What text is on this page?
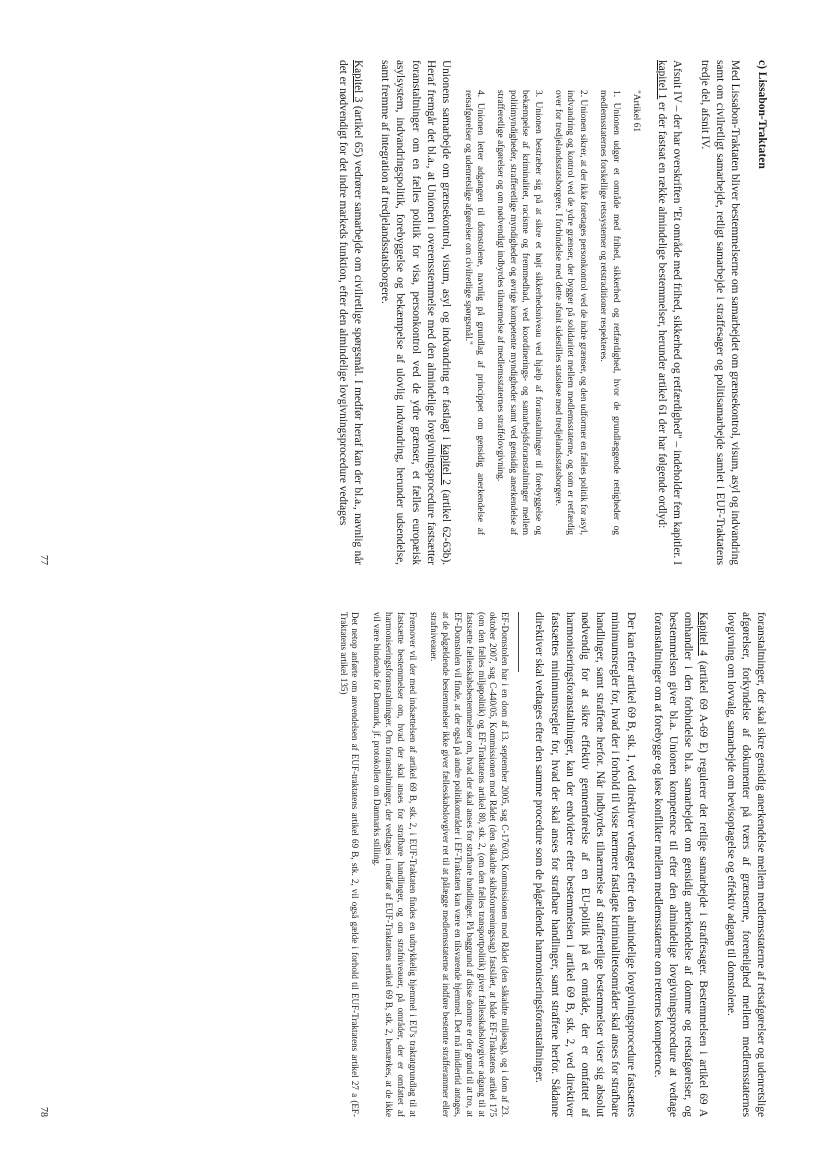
c) Lissabon-Traktaten

Med Lissabon-Traktaten bliver bestemmelserne om samarbejdet om grænsekontrol, visum, asyl og indvandring samt om civilretligt samarbejde, retligt samarbejde i straffesager og politisamarbejde samlet i EUF-Traktatens tredje del, afsnit IV.

Afsnit IV – der har overskriften "Et område med frihed, sikkerhed og retfærdighed" – indeholder fem kapitler. I kapitel 1 er der fastsat en række almindelige bestemmelser, herunder artikel 61 der har følgende ordlyd:

"Artikel 61

1. Unionen udgør et område med frihed, sikkerhed og retfærdighed, hvor de grundlæggende rettigheder og medlemsstaternes forskellige retssystemer og retstraditioner respekteres.

2. Unionen sikrer, at der ikke foretages personkontrol ved de indre grænser, og den udformer en fælles politik for asyl, indvandring og kontrol ved de ydre grænser, der bygger på solidaritet mellem medlemsstaterne, og som er retfærdig over for tredjelandsstatsborgere. I forbindelse med dette afsnit sidestilles statsløse med tredjelandsstatsborgere.

3. Unionen bestræber sig på at sikre et højt sikkerhedsniveau ved hjælp af foranstaltninger til forebyggelse og bekæmpelse af kriminalitet, racisme og fremmedhad, ved koordinerings- og samarbejdsforanstaltninger mellem politimyndigheder, strafferetlige myndigheder og øvrige kompetente myndigheder samt ved gensidig anerkendelse af strafferetlige afgørelser og om nødvendigt indbyrdes tilnærmelse af medlemsstaternes straffelovgivning.

4. Unionen letter adgangen til domstolene, navnlig på grundlag af princippet om gensidig anerkendelse af retsafgørelser og udenretslige afgørelser om civilretlige spørgsmål."

Unionens samarbejde om grænsekontrol, visum, asyl og indvandring er fastlagt i kapitel 2 (artikel 62-63b). Heraf fremgår det bl.a., at Unionen i overensstemmelse med den almindelige lovgivningsprocedure fastsætter foranstaltninger om en fælles politik for visa, personkontrol ved de ydre grænser, et fælles europæisk asylsystem, indvandringspolitik, forebyggelse og bekæmpelse af ulovlig indvandring, herunder udsendelse, samt fremme af integration af tredjelandsstatsborgere.

Kapitel 3 (artikel 65) vedrører samarbejde om civilretlige spørgsmål. I medfør heraf kan der bl.a., navnlig når det er nødvendigt for det indre markeds funktion, efter den almindelige lovgivningsprocedure vedtages

77

foranstaltninger, der skal sikre gensidig anerkendelse mellem medlemsstaterne af retsafgørelser og udenretslige afgørelser, forkyndelse af dokumenter på tværs af grænserne, forenelighed mellem medlemsstaternes lovgivning om lovvalg, samarbejde om bevisoptagelse og effektiv adgang til domstolene.

Kapitel 4 (artikel 69 A-69 E) regulerer det retlige samarbejde i straffesager. Bestemmelsen i artikel 69 A omhandler i den forbindelse bl.a. samarbejdet om gensidig anerkendelse af domme og retsafgørelser, og bestemmelsen giver bl.a. Unionen kompetence til efter den almindelige lovgivningsprocedure at vedtage foranstaltninger om at forebygge og løse konflikter mellem medlemsstaterne om retternes kompetence.

Der kan efter artikel 69 B, stk. 1, ved direktiver vedtaget efter den almindelige lovgivningsprocedure fastsættes minimumsregler for, hvad der i forhold til visse nærmere fastlagte kriminalitetsområder skal anses for strafbare handlinger, samt straffene herfor. Når indbyrdes tilnærmelse af strafferetlige bestemmelser viser sig absolut nødvendig for at sikre effektiv gennemførelse af en EU-politik på et område, der er omfattet af harmoniseringsforanstaltninger, kan der endvidere efter bestemmelsen i artikel 69 B, stk. 2, ved direktiver fastsættes minimumsregler for, hvad der skal anses for strafbare handlinger, samt straffene herfor. Sådanne direktiver skal vedtages efter den samme procedure som de pågældende harmoniseringsforanstaltninger.

EF-Domstolen har i en dom af 13. september 2005, sag C-176/03, Kommissionen mod Rådet (den såkaldte miljøsag), og i dom af 23. oktober 2007, sag C-440/05, Kommissionen mod Rådet (den såkaldte skibsforureningssag) fastslået, at både EF-Traktatens artikel 175 (om den fælles miljøpolitik) og EF-Traktatens artikel 80, stk. 2, (om den fælles transportpolitik) giver fællesskabslovgiver adgang til at fastsætte fællesskabsbestemmelser om, hvad der skal anses for strafbare handlinger. På baggrund af disse domme er der grund til at tro, at EF-Domstolen vil finde, at der også på andre politikområder i EF-Traktaten kan være en tilsvarende hjemmel. Det må imidlertid antages, at de pågældende bestemmelser ikke giver fællesskabslovgiver ret til at pålægge medlemsstaterne at indføre bestemte strafferammer eller strafniveauer.

Fremover vil der med indsættelsen af artikel 69 B, stk. 2, i EUF-Traktaten findes en udtrykkelig hjemmel i EU's traktatgrundlag til at fastsætte bestemmelser om, hvad der skal anses for strafbare handlinger, og om strafniveauer, på områder, der er omfattet af harmoniseringsforanstaltninger. Om foranstaltninger, der vedtages i medfør af EUF-Traktatens artikel 69 B, stk. 2, bemærkes, at de ikke vil være bindende for Danmark, jf. protokollen om Danmarks stilling.

Det netop anførte om anvendelsen af EUF-traktatens artikel 69 B, stk. 2, vil også gælde i forhold til EUF-Traktatens artikel 27 a (EF-Traktatens artikel 135)

78
